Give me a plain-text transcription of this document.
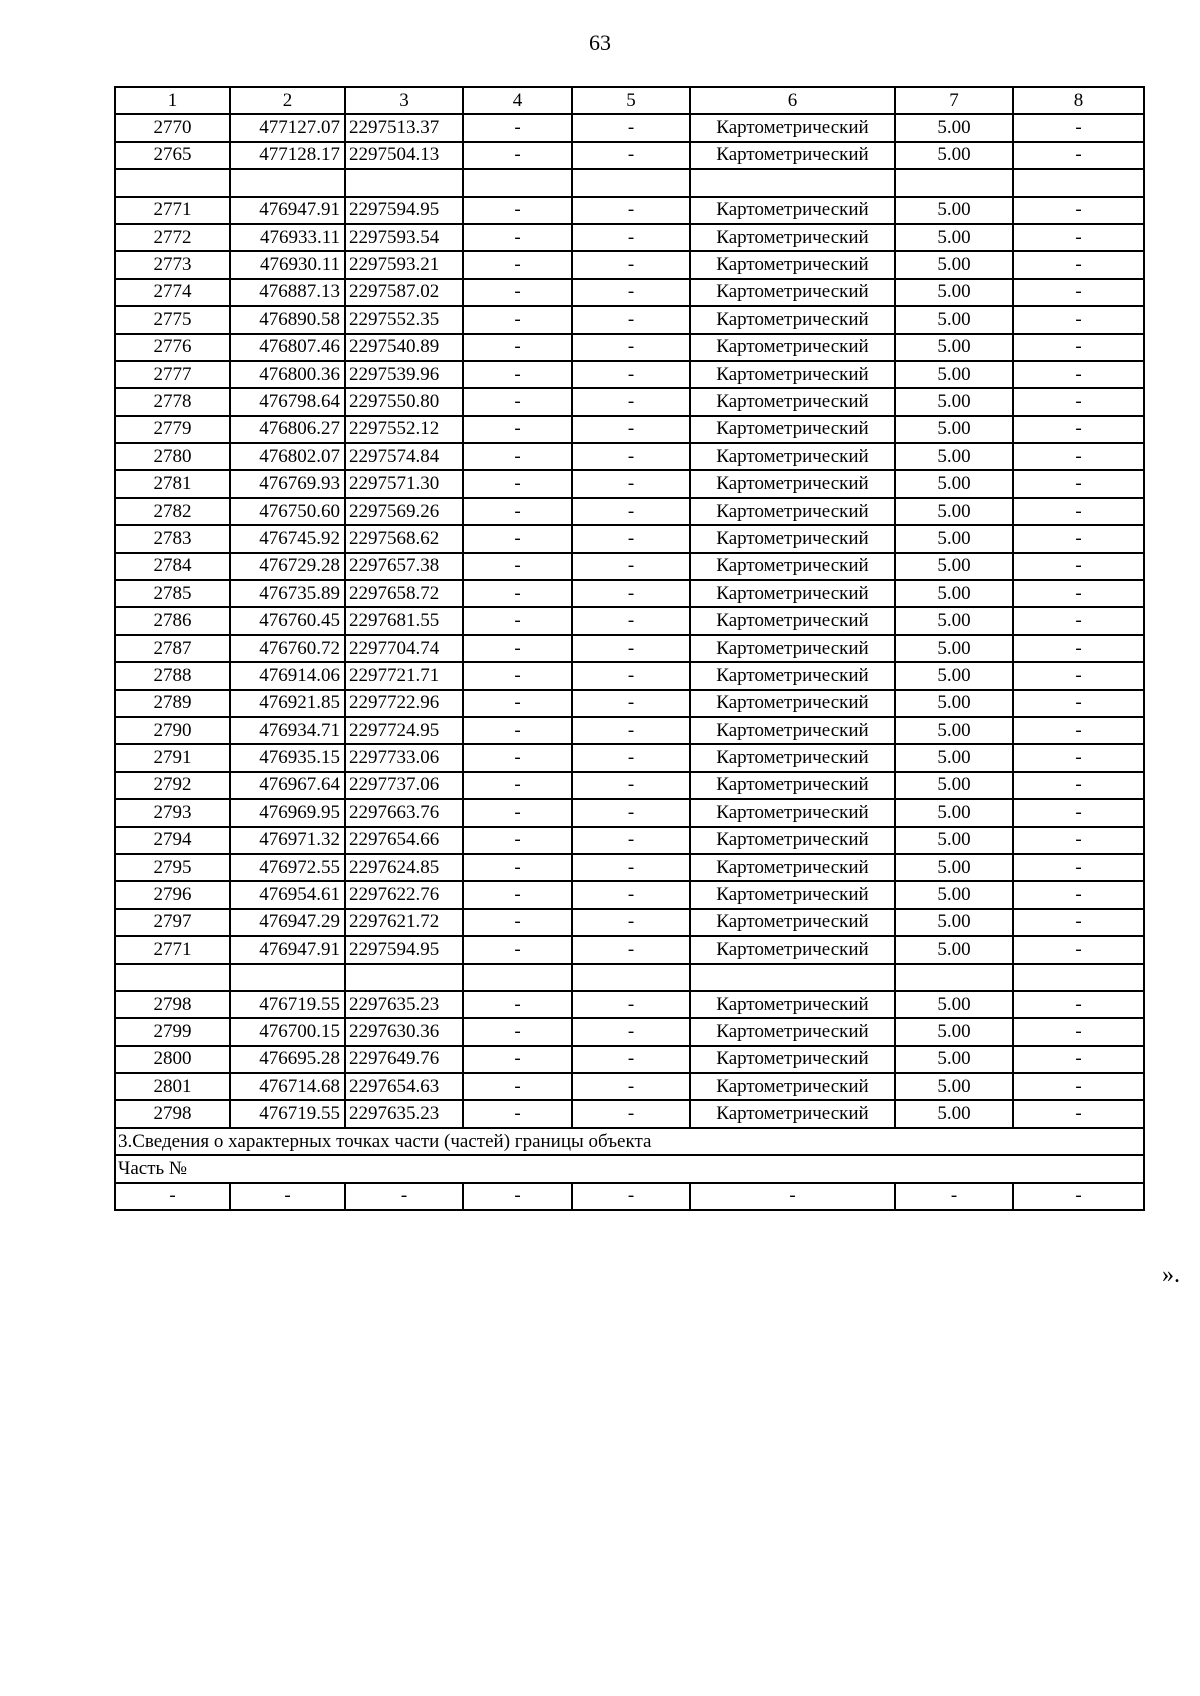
63
1	2	3	4	5	6	7	8
2770	477127.07	2297513.37	-	-	Картометрический	5.00	-
2765	477128.17	2297504.13	-	-	Картометрический	5.00	-

2771	476947.91	2297594.95	-	-	Картометрический	5.00	-
2772	476933.11	2297593.54	-	-	Картометрический	5.00	-
2773	476930.11	2297593.21	-	-	Картометрический	5.00	-
2774	476887.13	2297587.02	-	-	Картометрический	5.00	-
2775	476890.58	2297552.35	-	-	Картометрический	5.00	-
2776	476807.46	2297540.89	-	-	Картометрический	5.00	-
2777	476800.36	2297539.96	-	-	Картометрический	5.00	-
2778	476798.64	2297550.80	-	-	Картометрический	5.00	-
2779	476806.27	2297552.12	-	-	Картометрический	5.00	-
2780	476802.07	2297574.84	-	-	Картометрический	5.00	-
2781	476769.93	2297571.30	-	-	Картометрический	5.00	-
2782	476750.60	2297569.26	-	-	Картометрический	5.00	-
2783	476745.92	2297568.62	-	-	Картометрический	5.00	-
2784	476729.28	2297657.38	-	-	Картометрический	5.00	-
2785	476735.89	2297658.72	-	-	Картометрический	5.00	-
2786	476760.45	2297681.55	-	-	Картометрический	5.00	-
2787	476760.72	2297704.74	-	-	Картометрический	5.00	-
2788	476914.06	2297721.71	-	-	Картометрический	5.00	-
2789	476921.85	2297722.96	-	-	Картометрический	5.00	-
2790	476934.71	2297724.95	-	-	Картометрический	5.00	-
2791	476935.15	2297733.06	-	-	Картометрический	5.00	-
2792	476967.64	2297737.06	-	-	Картометрический	5.00	-
2793	476969.95	2297663.76	-	-	Картометрический	5.00	-
2794	476971.32	2297654.66	-	-	Картометрический	5.00	-
2795	476972.55	2297624.85	-	-	Картометрический	5.00	-
2796	476954.61	2297622.76	-	-	Картометрический	5.00	-
2797	476947.29	2297621.72	-	-	Картометрический	5.00	-
2771	476947.91	2297594.95	-	-	Картометрический	5.00	-

2798	476719.55	2297635.23	-	-	Картометрический	5.00	-
2799	476700.15	2297630.36	-	-	Картометрический	5.00	-
2800	476695.28	2297649.76	-	-	Картометрический	5.00	-
2801	476714.68	2297654.63	-	-	Картометрический	5.00	-
2798	476719.55	2297635.23	-	-	Картометрический	5.00	-
3.Сведения о характерных точках части (частей) границы объекта							
Часть №							
-	-	-	-	-	-	-	-
».
